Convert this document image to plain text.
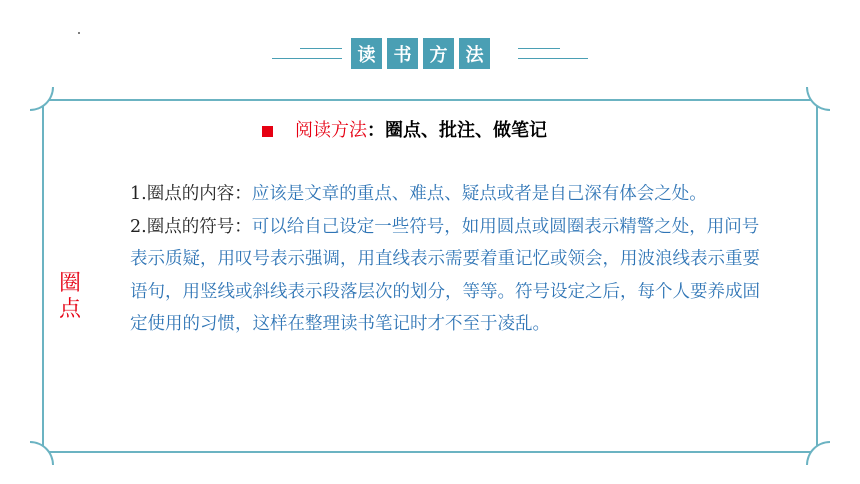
读	书	方	法
圈点
阅读方法 ：圈点、批注、做笔记

1.圈点的内容：应该是文章的重点、难点、疑点或者是自己深有体会之处。

2.圈点的符号：可以给自己设定一些符号，如用圆点或圆圈表示精警之处，用问号表示质疑，用叹号表示强调，用直线表示需要着重记忆或领会，用波浪线表示重要语句，用竖线或斜线表示段落层次的划分，等等。符号设定之后，每个人要养成固定使用的习惯，这样在整理读书笔记时才不至于凌乱。
